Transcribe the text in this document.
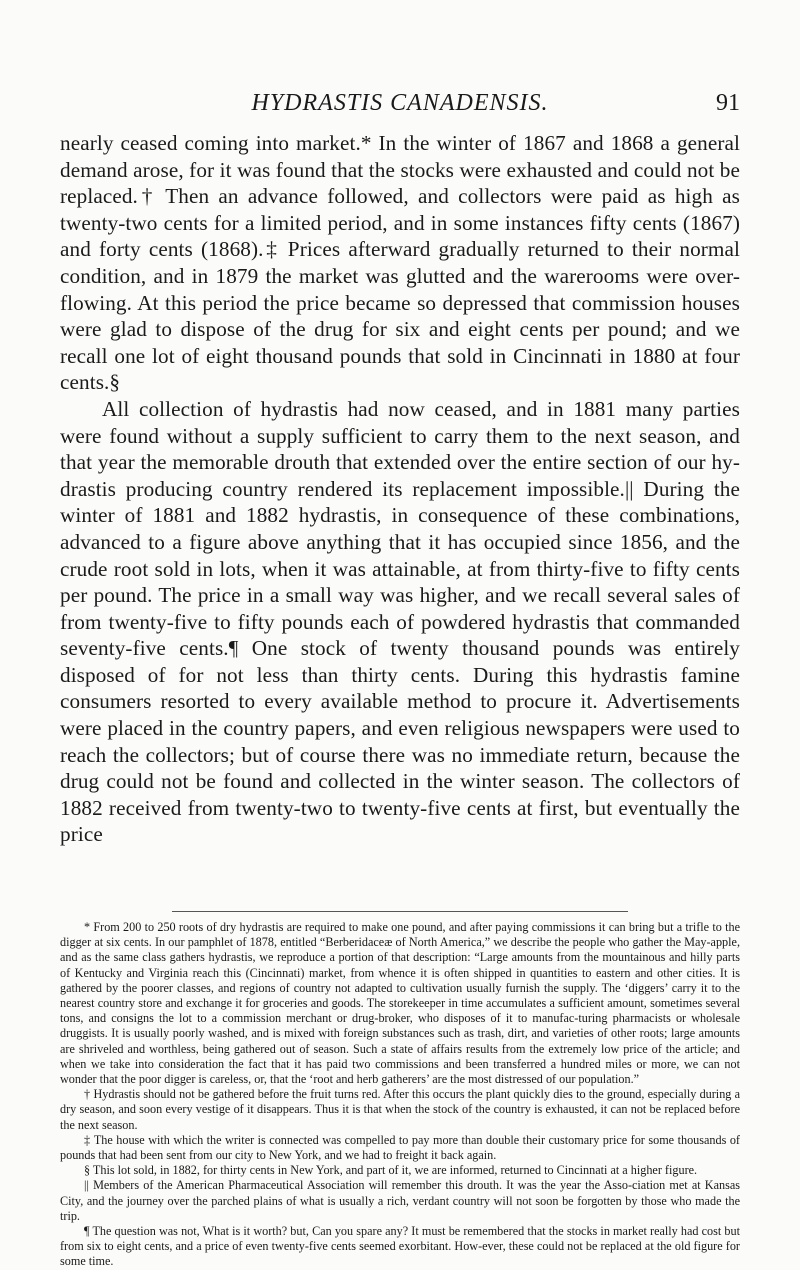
HYDRASTIS CANADENSIS.	91

nearly ceased coming into market.* In the winter of 1867 and 1868 a general demand arose, for it was found that the stocks were exhausted and could not be replaced.† Then an advance followed, and collectors were paid as high as twenty-two cents for a limited period, and in some instances fifty cents (1867) and forty cents (1868).‡ Prices afterward gradually returned to their normal condition, and in 1879 the market was glutted and the warerooms were over-flowing. At this period the price became so depressed that commission houses were glad to dispose of the drug for six and eight cents per pound; and we recall one lot of eight thousand pounds that sold in Cincinnati in 1880 at four cents.§

All collection of hydrastis had now ceased, and in 1881 many parties were found without a supply sufficient to carry them to the next season, and that year the memorable drouth that extended over the entire section of our hy-drastis producing country rendered its replacement impossible.|| During the winter of 1881 and 1882 hydrastis, in consequence of these combinations, advanced to a figure above anything that it has occupied since 1856, and the crude root sold in lots, when it was attainable, at from thirty-five to fifty cents per pound. The price in a small way was higher, and we recall several sales of from twenty-five to fifty pounds each of powdered hydrastis that commanded seventy-five cents.¶ One stock of twenty thousand pounds was entirely disposed of for not less than thirty cents. During this hydrastis famine consumers resorted to every available method to procure it. Advertisements were placed in the country papers, and even religious newspapers were used to reach the collectors; but of course there was no immediate return, because the drug could not be found and collected in the winter season. The collectors of 1882 received from twenty-two to twenty-five cents at first, but eventually the price

* From 200 to 250 roots of dry hydrastis are required to make one pound, and after paying commissions it can bring but a trifle to the digger at six cents. In our pamphlet of 1878, entitled “Berberidaceæ of North America,” we describe the people who gather the May-apple, and as the same class gathers hydrastis, we reproduce a portion of that description: “Large amounts from the mountainous and hilly parts of Kentucky and Virginia reach this (Cincinnati) market, from whence it is often shipped in quantities to eastern and other cities. It is gathered by the poorer classes, and regions of country not adapted to cultivation usually furnish the supply. The ‘diggers’ carry it to the nearest country store and exchange it for groceries and goods. The storekeeper in time accumulates a sufficient amount, sometimes several tons, and consigns the lot to a commission merchant or drug-broker, who disposes of it to manufac-turing pharmacists or wholesale druggists. It is usually poorly washed, and is mixed with foreign substances such as trash, dirt, and varieties of other roots; large amounts are shriveled and worthless, being gathered out of season. Such a state of affairs results from the extremely low price of the article; and when we take into consideration the fact that it has paid two commissions and been transferred a hundred miles or more, we can not wonder that the poor digger is careless, or, that the ‘root and herb gatherers’ are the most distressed of our population.”

† Hydrastis should not be gathered before the fruit turns red. After this occurs the plant quickly dies to the ground, especially during a dry season, and soon every vestige of it disappears. Thus it is that when the stock of the country is exhausted, it can not be replaced before the next season.

‡ The house with which the writer is connected was compelled to pay more than double their customary price for some thousands of pounds that had been sent from our city to New York, and we had to freight it back again.

§ This lot sold, in 1882, for thirty cents in New York, and part of it, we are informed, returned to Cincinnati at a higher figure.

|| Members of the American Pharmaceutical Association will remember this drouth. It was the year the Asso-ciation met at Kansas City, and the journey over the parched plains of what is usually a rich, verdant country will not soon be forgotten by those who made the trip.

¶ The question was not, What is it worth? but, Can you spare any? It must be remembered that the stocks in market really had cost but from six to eight cents, and a price of even twenty-five cents seemed exorbitant. How-ever, these could not be replaced at the old figure for some time.
